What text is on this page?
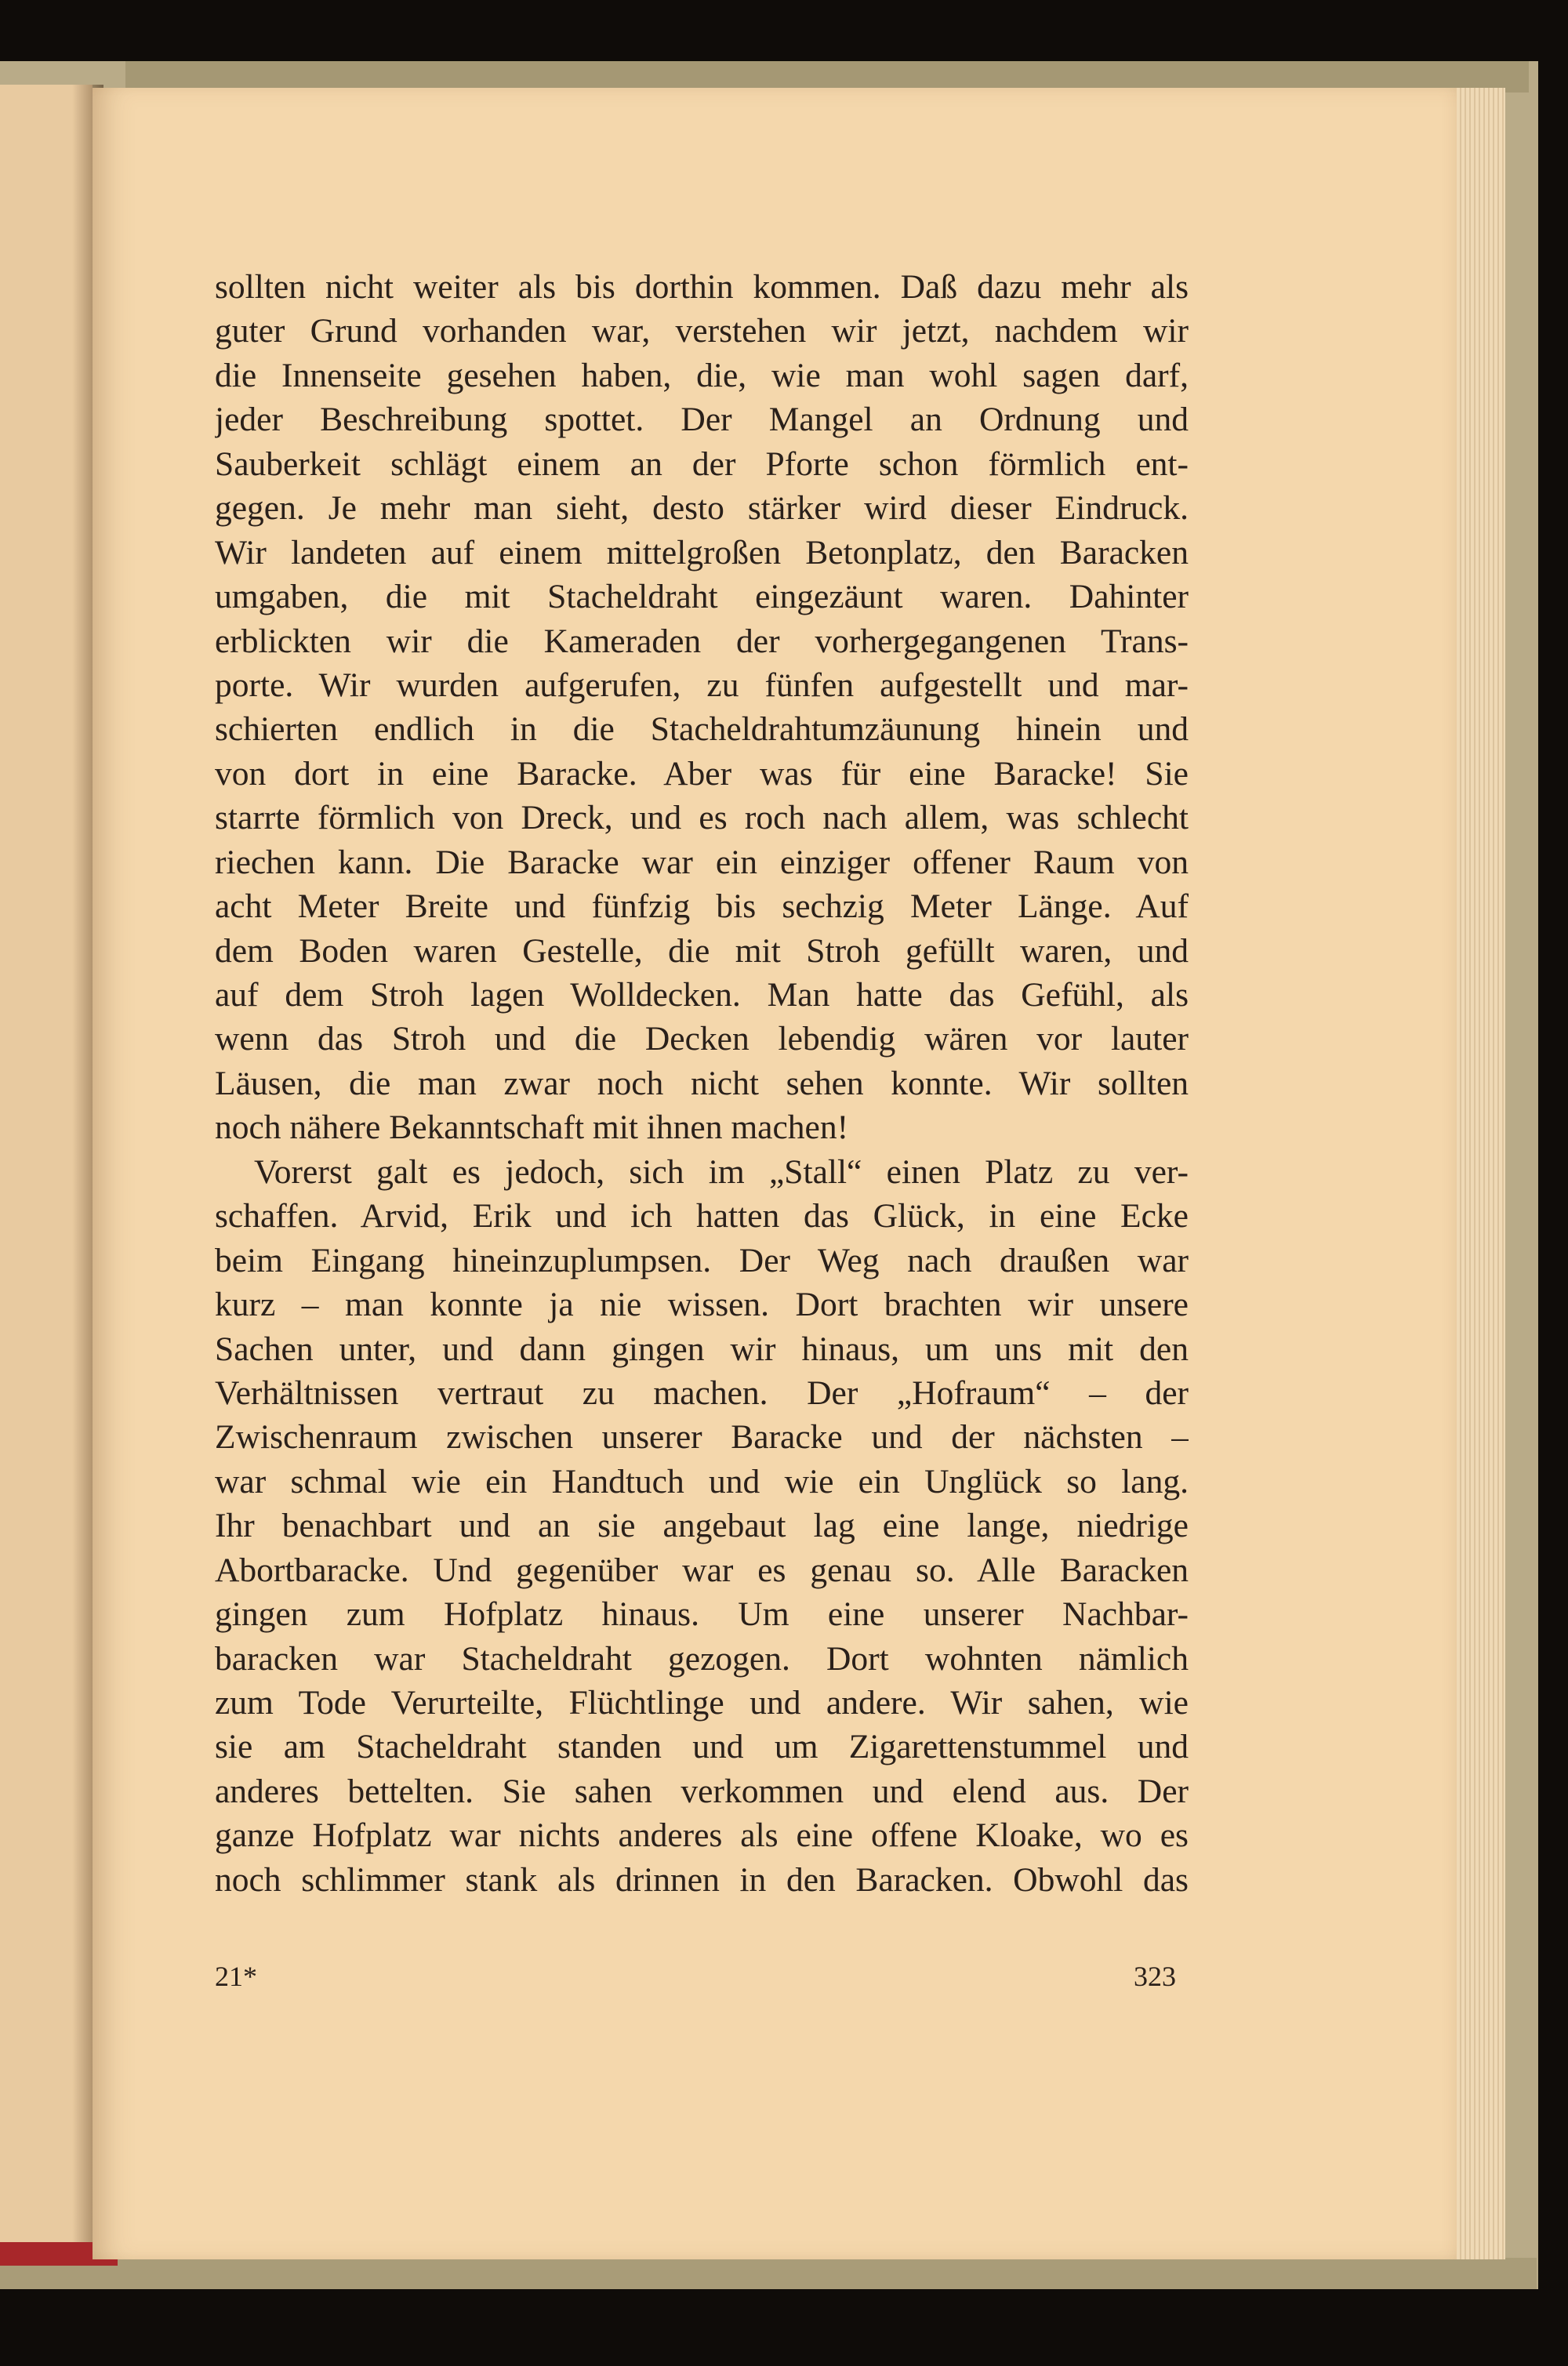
sollten nicht weiter als bis dorthin kommen. Daß dazu mehr als
guter Grund vorhanden war, verstehen wir jetzt, nachdem wir
die Innenseite gesehen haben, die, wie man wohl sagen darf,
jeder Beschreibung spottet. Der Mangel an Ordnung und
Sauberkeit schlägt einem an der Pforte schon förmlich ent-
gegen. Je mehr man sieht, desto stärker wird dieser Eindruck.
Wir landeten auf einem mittelgroßen Betonplatz, den Baracken
umgaben, die mit Stacheldraht eingezäunt waren. Dahinter
erblickten wir die Kameraden der vorhergegangenen Trans-
porte. Wir wurden aufgerufen, zu fünfen aufgestellt und mar-
schierten endlich in die Stacheldrahtumzäunung hinein und
von dort in eine Baracke. Aber was für eine Baracke! Sie
starrte förmlich von Dreck, und es roch nach allem, was schlecht
riechen kann. Die Baracke war ein einziger offener Raum von
acht Meter Breite und fünfzig bis sechzig Meter Länge. Auf
dem Boden waren Gestelle, die mit Stroh gefüllt waren, und
auf dem Stroh lagen Wolldecken. Man hatte das Gefühl, als
wenn das Stroh und die Decken lebendig wären vor lauter
Läusen, die man zwar noch nicht sehen konnte. Wir sollten
noch nähere Bekanntschaft mit ihnen machen!
Vorerst galt es jedoch, sich im „Stall“ einen Platz zu ver-
schaffen. Arvid, Erik und ich hatten das Glück, in eine Ecke
beim Eingang hineinzuplumpsen. Der Weg nach draußen war
kurz – man konnte ja nie wissen. Dort brachten wir unsere
Sachen unter, und dann gingen wir hinaus, um uns mit den
Verhältnissen vertraut zu machen. Der „Hofraum“ – der
Zwischenraum zwischen unserer Baracke und der nächsten –
war schmal wie ein Handtuch und wie ein Unglück so lang.
Ihr benachbart und an sie angebaut lag eine lange, niedrige
Abortbaracke. Und gegenüber war es genau so. Alle Baracken
gingen zum Hofplatz hinaus. Um eine unserer Nachbar-
baracken war Stacheldraht gezogen. Dort wohnten nämlich
zum Tode Verurteilte, Flüchtlinge und andere. Wir sahen, wie
sie am Stacheldraht standen und um Zigarettenstummel und
anderes bettelten. Sie sahen verkommen und elend aus. Der
ganze Hofplatz war nichts anderes als eine offene Kloake, wo es
noch schlimmer stank als drinnen in den Baracken. Obwohl das
21*	323
